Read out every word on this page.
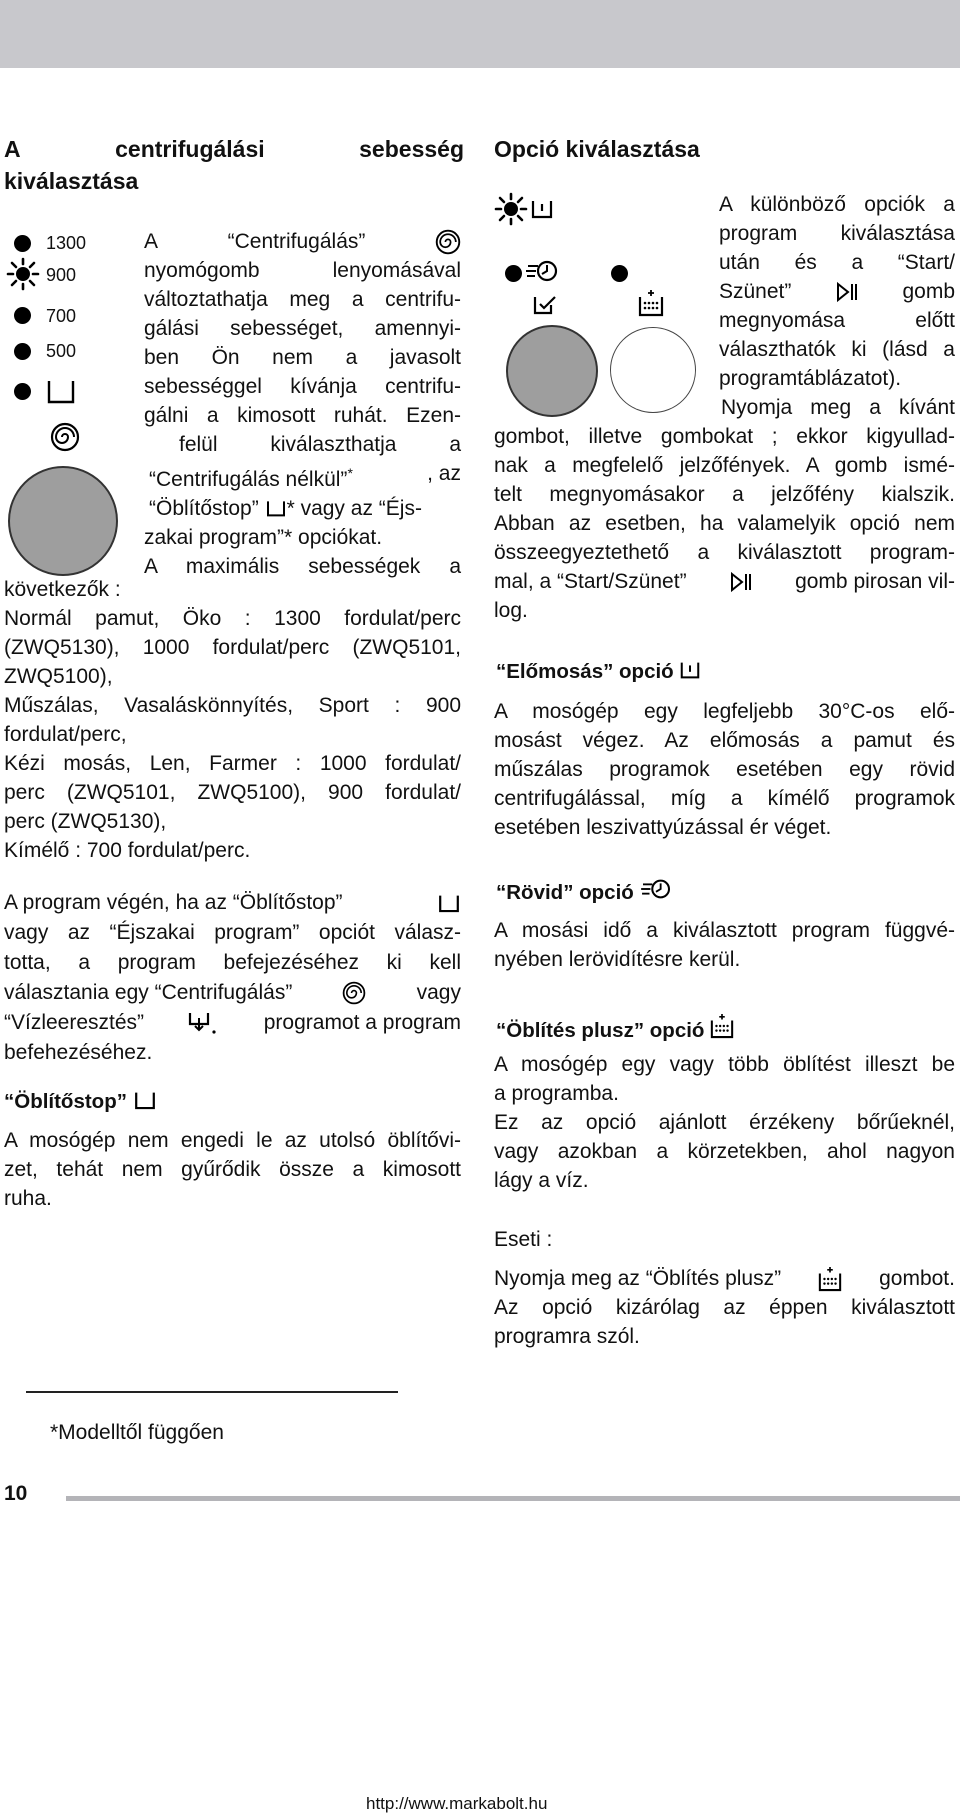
A	centrifugálási	sebesség
kiválasztása
1300
900
700
500
A	“Centrifugálás”
nyomógomb lenyomásával
változtathatja meg a centrifu-
gálási sebességet, amennyi-
ben Ön nem a javasolt
sebességgel kívánja centrifu-
gálni a kimosott ruhát. Ezen-
felül kiválaszthatja a
“Centrifugálás nélkül”*	, az
“Öblítőstop” * vagy az “Éjs-
zakai program”* opciókat.
A maximális sebességek a
következők :
Normál pamut, Öko : 1300 fordulat/perc
(ZWQ5130), 1000 fordulat/perc (ZWQ5101,
ZWQ5100),
Műszálas, Vasaláskönnyítés, Sport : 900
fordulat/perc,
Kézi mosás, Len, Farmer : 1000 fordulat/
perc (ZWQ5101, ZWQ5100), 900 fordulat/
perc (ZWQ5130),
Kímélő : 700 fordulat/perc.
A program végén, ha az “Öblítőstop”
vagy az “Éjszakai program” opciót válasz-
totta, a program befejezéséhez ki kell
választania egy “Centrifugálás”	vagy
“Vízleeresztés”	programot a program
befehezéséhez.
“Öblítőstop”
A mosógép nem engedi le az utolsó öblítővi-
zet, tehát nem gyűrődik össze a kimosott
ruha.
Opció kiválasztása
A különböző opciók a
program kiválasztása
után és a “Start/
Szünet”	gomb
megnyomása előtt
választhatók ki (lásd a
programtáblázatot).
Nyomja meg a kívánt
gombot, illetve gombokat ; ekkor kigyullad-
nak a megfelelő jelzőfények. A gomb ismé-
telt megnyomásakor a jelzőfény kialszik.
Abban az esetben, ha valamelyik opció nem
összeegyeztethető a kiválasztott program-
mal, a “Start/Szünet”	gomb pirosan vil-
log.
“Előmosás” opció
A mosógép egy legfeljebb 30°C-os elő-
mosást végez. Az előmosás a pamut és
műszálas programok esetében egy rövid
centrifugálással, míg a kímélő programok
esetében leszivattyúzással ér véget.
“Rövid” opció
A mosási idő a kiválasztott program függvé-
nyében lerövidítésre kerül.
“Öblítés plusz” opció
A mosógép egy vagy több öblítést illeszt be
a programba.
Ez az opció ajánlott érzékeny bőrűeknél,
vagy azokban a körzetekben, ahol nagyon
lágy a víz.
Eseti :
Nyomja meg az “Öblítés plusz”	gombot.
Az opció kizárólag az éppen kiválasztott
programra szól.
*Modelltől függően
10
http://www.markabolt.hu
